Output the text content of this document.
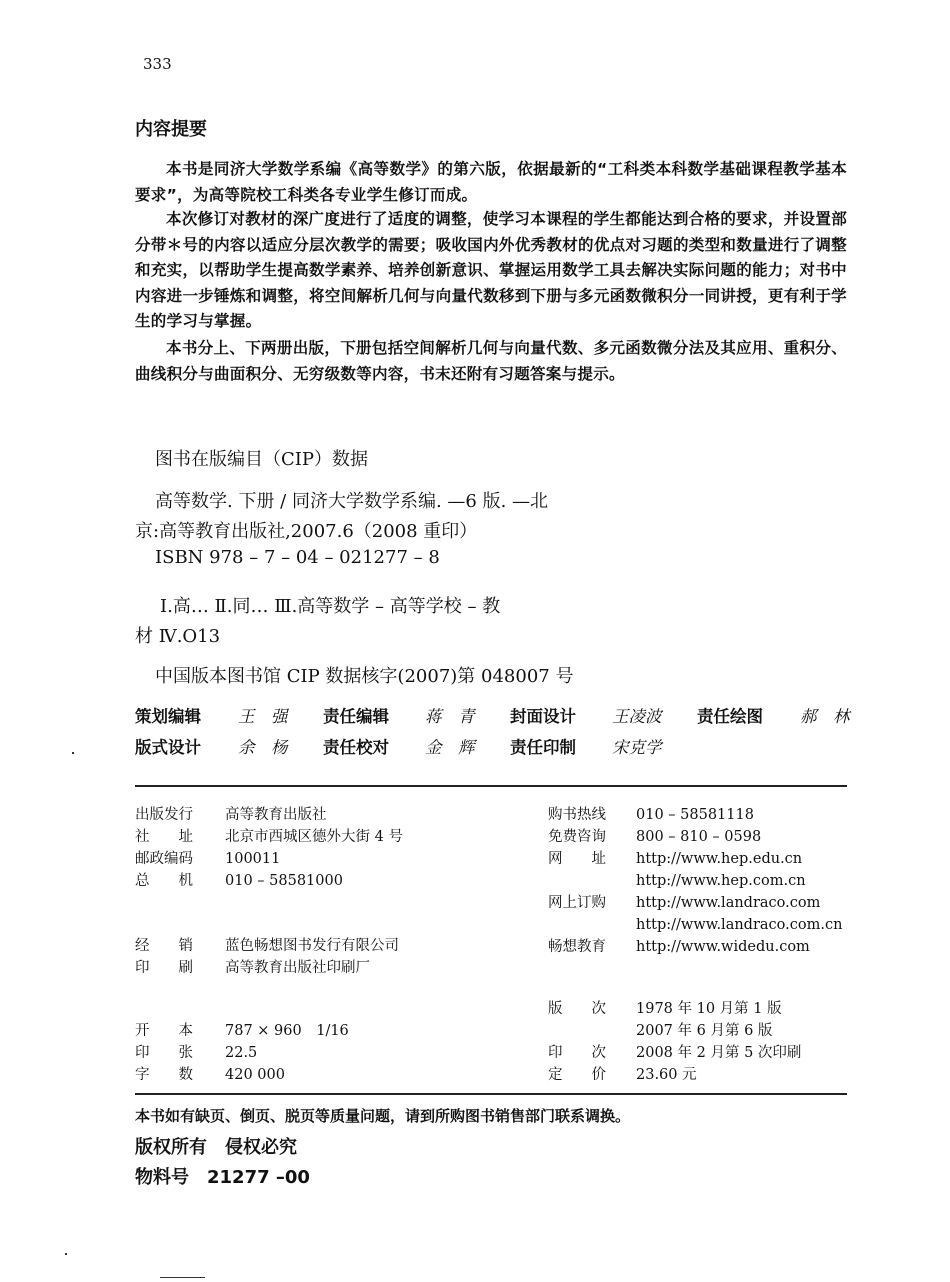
333
内容提要
本书是同济大学数学系编《高等数学》的第六版，依据最新的“工科类本科数学基础课程教学基本要求”，为高等院校工科类各专业学生修订而成。
本次修订对教材的深广度进行了适度的调整，使学习本课程的学生都能达到合格的要求，并设置部分带＊号的内容以适应分层次教学的需要；吸收国内外优秀教材的优点对习题的类型和数量进行了调整和充实，以帮助学生提高数学素养、培养创新意识、掌握运用数学工具去解决实际问题的能力；对书中内容进一步锤炼和调整，将空间解析几何与向量代数移到下册与多元函数微积分一同讲授，更有利于学生的学习与掌握。
本书分上、下两册出版，下册包括空间解析几何与向量代数、多元函数微分法及其应用、重积分、曲线积分与曲面积分、无穷级数等内容，书末还附有习题答案与提示。
图书在版编目（CIP）数据
高等数学. 下册 / 同济大学数学系编. —6 版. —北
京:高等教育出版社,2007.6（2008 重印）
ISBN 978 – 7 – 04 – 021277 – 8
Ⅰ.高… Ⅱ.同… Ⅲ.高等数学 – 高等学校 – 教
材 Ⅳ.O13
中国版本图书馆 CIP 数据核字(2007)第 048007 号
策划编辑 王　强 责任编辑 蒋　青 封面设计 王凌波 责任绘图 郝　林
版式设计 余　杨 责任校对 金　辉 责任印制 宋克学
出版发行 高等教育出版社
社　　址 北京市西城区德外大街 4 号
邮政编码 100011
总　　机 010 – 58581000
经　　销 蓝色畅想图书发行有限公司
印　　刷 高等教育出版社印刷厂
开　　本 787 × 960　1/16
印　　张 22.5
字　　数 420 000
购书热线 010 – 58581118
免费咨询 800 – 810 – 0598
网　　址 http://www.hep.edu.cn
http://www.hep.com.cn
网上订购 http://www.landraco.com
http://www.landraco.com.cn
畅想教育 http://www.widedu.com
版　　次 1978 年 10 月第 1 版
2007 年 6 月第 6 版
印　　次 2008 年 2 月第 5 次印刷
定　　价 23.60 元
本书如有缺页、倒页、脱页等质量问题，请到所购图书销售部门联系调换。
版权所有　侵权必究
物料号　21277 –00
